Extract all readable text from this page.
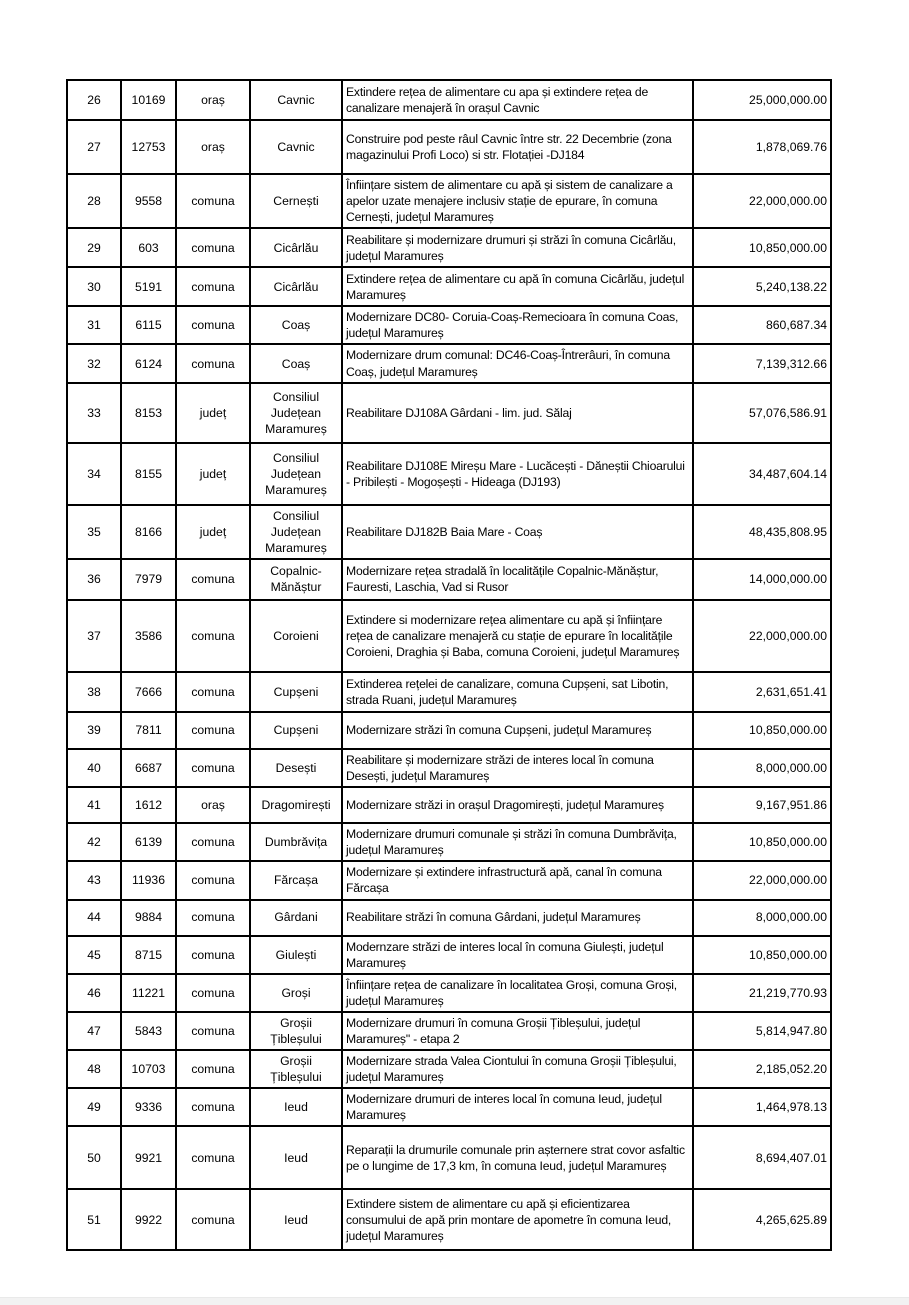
26	10169	oraș	Cavnic	Extindere rețea de alimentare cu apa și extindere rețea de canalizare menajeră în orașul Cavnic	25,000,000.00
27	12753	oraș	Cavnic	Construire pod peste râul Cavnic între str. 22 Decembrie (zona magazinului Profi Loco) si str. Flotației -DJ184	1,878,069.76
28	9558	comuna	Cernești	Înființare sistem de alimentare cu apă și sistem de canalizare a apelor uzate menajere inclusiv stație de epurare, în comuna Cernești, județul Maramureș	22,000,000.00
29	603	comuna	Cicârlău	Reabilitare și modernizare drumuri și străzi în comuna Cicârlău, județul Maramureș	10,850,000.00
30	5191	comuna	Cicârlău	Extindere rețea de alimentare cu apă în comuna Cicârlău, județul Maramureș	5,240,138.22
31	6115	comuna	Coaș	Modernizare DC80- Coruia-Coaș-Remecioara în comuna Coas, județul Maramureș	860,687.34
32	6124	comuna	Coaș	Modernizare drum comunal: DC46-Coaș-Întrerâuri, în comuna Coaș, județul Maramureș	7,139,312.66
33	8153	județ	Consiliul Județean Maramureș	Reabilitare DJ108A Gârdani - lim. jud. Sălaj	57,076,586.91
34	8155	județ	Consiliul Județean Maramureș	Reabilitare DJ108E Mireșu Mare - Lucăcești - Dăneștii Chioarului - Pribilești - Mogoșești - Hideaga (DJ193)	34,487,604.14
35	8166	județ	Consiliul Județean Maramureș	Reabilitare DJ182B Baia Mare - Coaș	48,435,808.95
36	7979	comuna	Copalnic-Mănăștur	Modernizare rețea stradală în localitățile Copalnic-Mănăștur, Fauresti, Laschia, Vad si Rusor	14,000,000.00
37	3586	comuna	Coroieni	Extindere si modernizare rețea alimentare cu apă și înființare rețea de canalizare menajeră cu stație de epurare în localitățile Coroieni, Draghia și Baba, comuna Coroieni, județul Maramureș	22,000,000.00
38	7666	comuna	Cupșeni	Extinderea rețelei de canalizare, comuna Cupșeni, sat Libotin, strada Ruani, județul Maramureș	2,631,651.41
39	7811	comuna	Cupșeni	Modernizare străzi în comuna Cupșeni, județul Maramureș	10,850,000.00
40	6687	comuna	Desești	Reabilitare și modernizare străzi de interes local în comuna Desești, județul Maramureș	8,000,000.00
41	1612	oraș	Dragomirești	Modernizare străzi in orașul Dragomirești, județul Maramureș	9,167,951.86
42	6139	comuna	Dumbrăvița	Modernizare drumuri comunale și străzi în comuna Dumbrăvița, județul Maramureș	10,850,000.00
43	11936	comuna	Fărcașa	Modernizare și extindere infrastructură apă, canal în comuna Fărcașa	22,000,000.00
44	9884	comuna	Gârdani	Reabilitare străzi în comuna Gârdani, județul Maramureș	8,000,000.00
45	8715	comuna	Giulești	Modernzare străzi de interes local în comuna Giulești, județul Maramureș	10,850,000.00
46	11221	comuna	Groși	Înființare rețea de canalizare în localitatea Groși, comuna Groși, județul Maramureș	21,219,770.93
47	5843	comuna	Groșii Țibleșului	Modernizare drumuri în comuna Groșii Țibleșului, județul Maramureș" - etapa 2	5,814,947.80
48	10703	comuna	Groșii Țibleșului	Modernizare strada Valea Ciontului în comuna Groșii Țibleșului, județul Maramureș	2,185,052.20
49	9336	comuna	Ieud	Modernizare drumuri de interes local în comuna Ieud, județul Maramureș	1,464,978.13
50	9921	comuna	Ieud	Reparații la drumurile comunale prin așternere strat covor asfaltic pe o lungime de 17,3 km, în comuna Ieud, județul Maramureș	8,694,407.01
51	9922	comuna	Ieud	Extindere sistem de alimentare cu apă și eficientizarea consumului de apă prin montare de apometre în comuna Ieud, județul Maramureș	4,265,625.89
